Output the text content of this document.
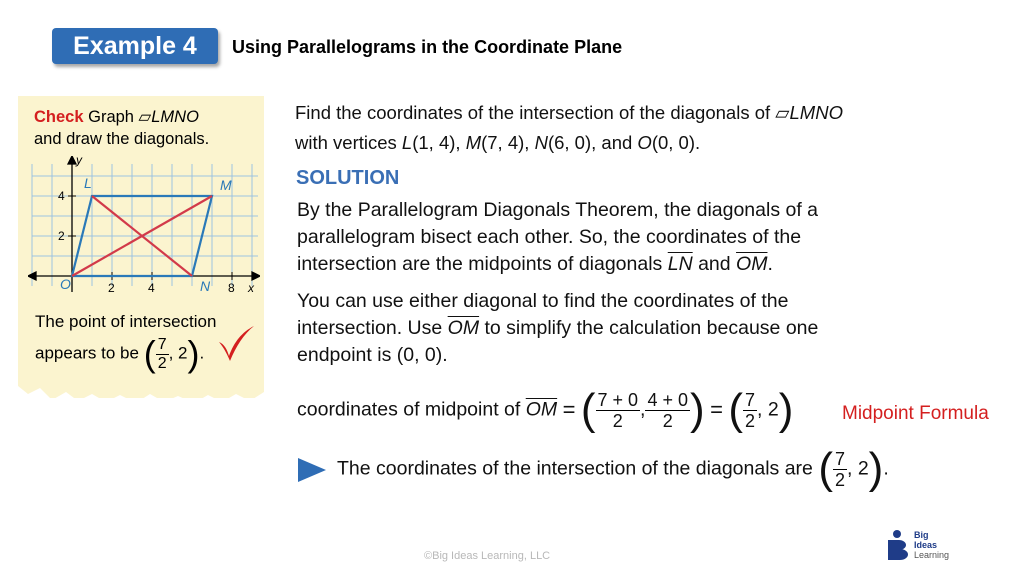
Example 4	Using Parallelograms in the Coordinate Plane
Check Graph ▱LMNO
and draw the diagonals.
y
x
4
2
2	4	8
L	M
N
O
The point of intersection
appears to be ( $\frac{7}{2}$ , 2).
Find the coordinates of the intersection of the diagonals of ▱LMNO
with vertices L(1, 4), M(7, 4), N(6, 0), and O(0, 0).
SOLUTION
By the Parallelogram Diagonals Theorem, the diagonals of a
parallelogram bisect each other. So, the coordinates of the
intersection are the midpoints of diagonals $\overline{LN}$ and $\overline{OM}$.
You can use either diagonal to find the coordinates of the
intersection. Use $\overline{OM}$ to simplify the calculation because one
endpoint is (0, 0).
coordinates of midpoint of $\overline{OM}$ = ( $\frac{7 + 0}{2}$ , $\frac{4 + 0}{2}$ ) = ( $\frac{7}{2}$ , 2)	Midpoint Formula
The coordinates of the intersection of the diagonals are ( $\frac{7}{2}$ , 2).
©Big Ideas Learning, LLC
Big
Ideas
Learning
